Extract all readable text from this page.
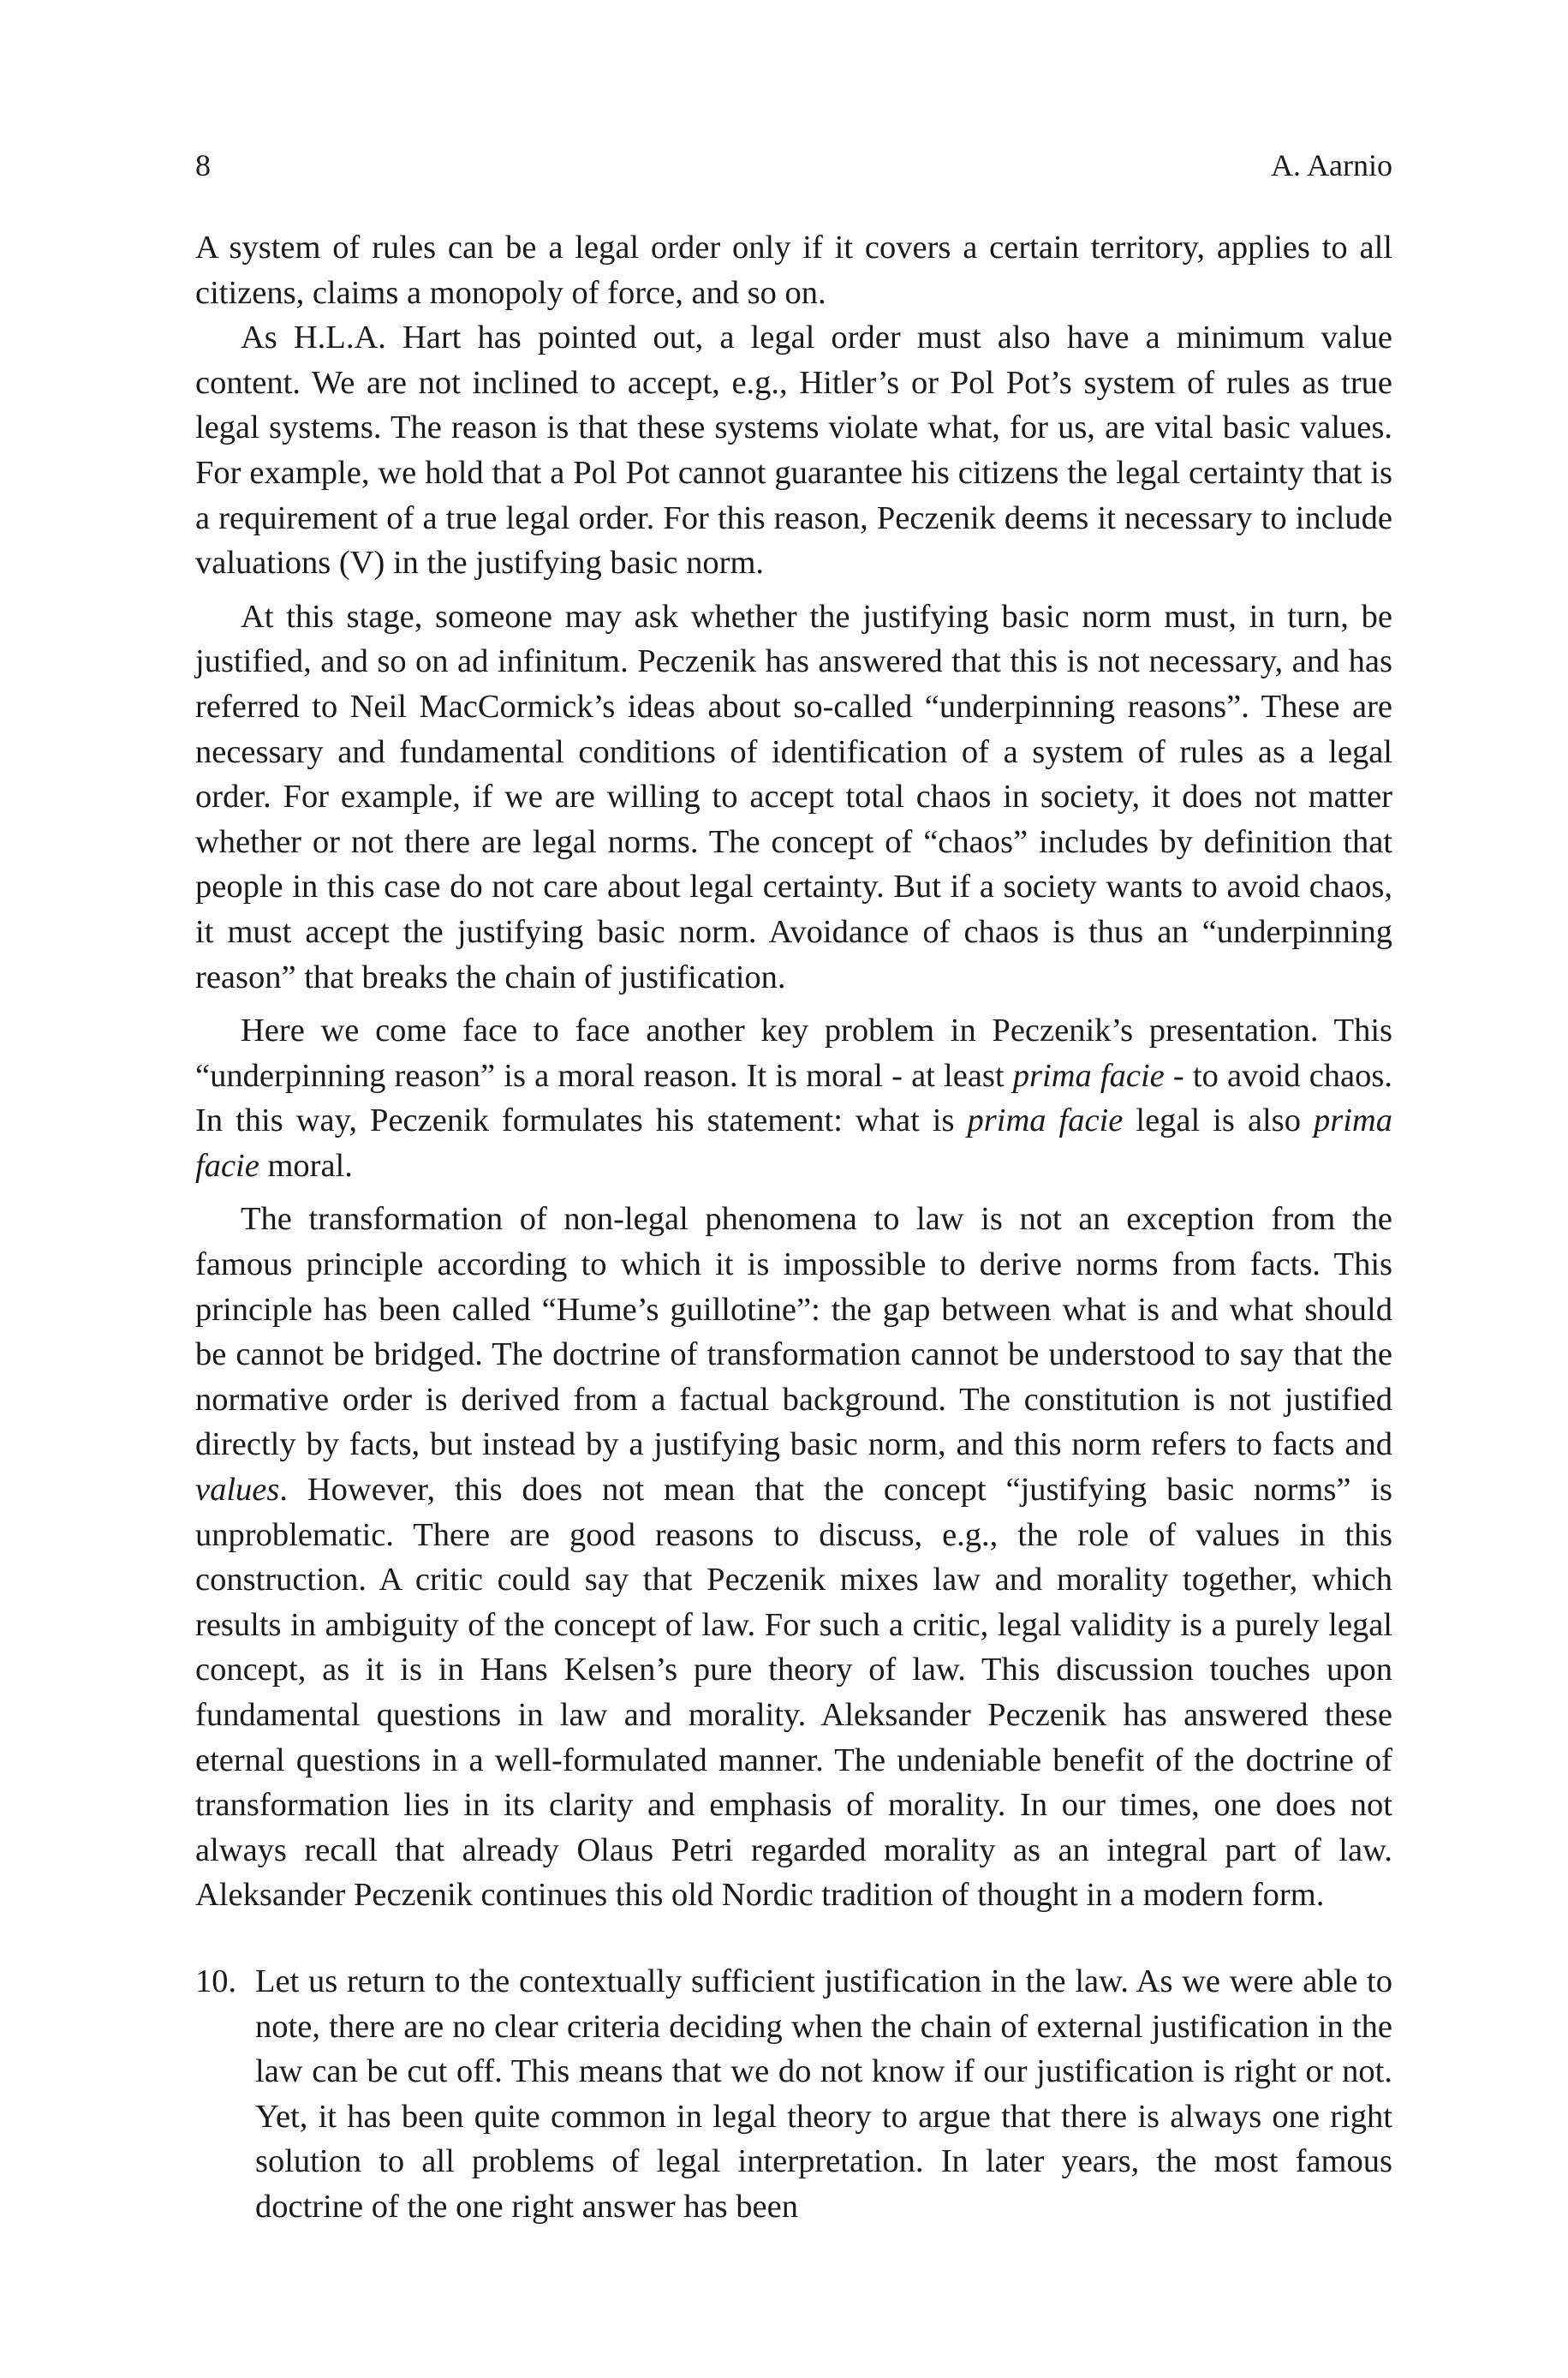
8	A. Aarnio

A system of rules can be a legal order only if it covers a certain territory, applies to all citizens, claims a monopoly of force, and so on.

As H.L.A. Hart has pointed out, a legal order must also have a minimum value content. We are not inclined to accept, e.g., Hitler’s or Pol Pot’s system of rules as true legal systems. The reason is that these systems violate what, for us, are vital basic values. For example, we hold that a Pol Pot cannot guarantee his citizens the legal certainty that is a requirement of a true legal order. For this reason, Peczenik deems it necessary to include valuations (V) in the justifying basic norm.

At this stage, someone may ask whether the justifying basic norm must, in turn, be justified, and so on ad infinitum. Peczenik has answered that this is not necessary, and has referred to Neil MacCormick’s ideas about so-called “underpinning reasons”. These are necessary and fundamental conditions of identification of a system of rules as a legal order. For example, if we are willing to accept total chaos in society, it does not matter whether or not there are legal norms. The concept of “chaos” includes by definition that people in this case do not care about legal certainty. But if a society wants to avoid chaos, it must accept the justifying basic norm. Avoidance of chaos is thus an “underpinning reason” that breaks the chain of justification.

Here we come face to face another key problem in Peczenik’s presentation. This “underpinning reason” is a moral reason. It is moral - at least prima facie - to avoid chaos. In this way, Peczenik formulates his statement: what is prima facie legal is also prima facie moral.

The transformation of non-legal phenomena to law is not an exception from the famous principle according to which it is impossible to derive norms from facts. This principle has been called “Hume’s guillotine”: the gap between what is and what should be cannot be bridged. The doctrine of transformation cannot be understood to say that the normative order is derived from a factual background. The constitution is not justified directly by facts, but instead by a justifying basic norm, and this norm refers to facts and values. However, this does not mean that the concept “justifying basic norms” is unproblematic. There are good reasons to discuss, e.g., the role of values in this construction. A critic could say that Peczenik mixes law and morality together, which results in ambiguity of the concept of law. For such a critic, legal validity is a purely legal concept, as it is in Hans Kelsen’s pure theory of law. This discussion touches upon fundamental questions in law and morality. Aleksander Peczenik has answered these eternal questions in a well-formulated manner. The undeniable benefit of the doctrine of transformation lies in its clarity and emphasis of morality. In our times, one does not always recall that already Olaus Petri regarded morality as an integral part of law. Aleksander Peczenik continues this old Nordic tradition of thought in a modern form.

10. Let us return to the contextually sufficient justification in the law. As we were able to note, there are no clear criteria deciding when the chain of external justification in the law can be cut off. This means that we do not know if our justification is right or not. Yet, it has been quite common in legal theory to argue that there is always one right solution to all problems of legal interpretation. In later years, the most famous doctrine of the one right answer has been
